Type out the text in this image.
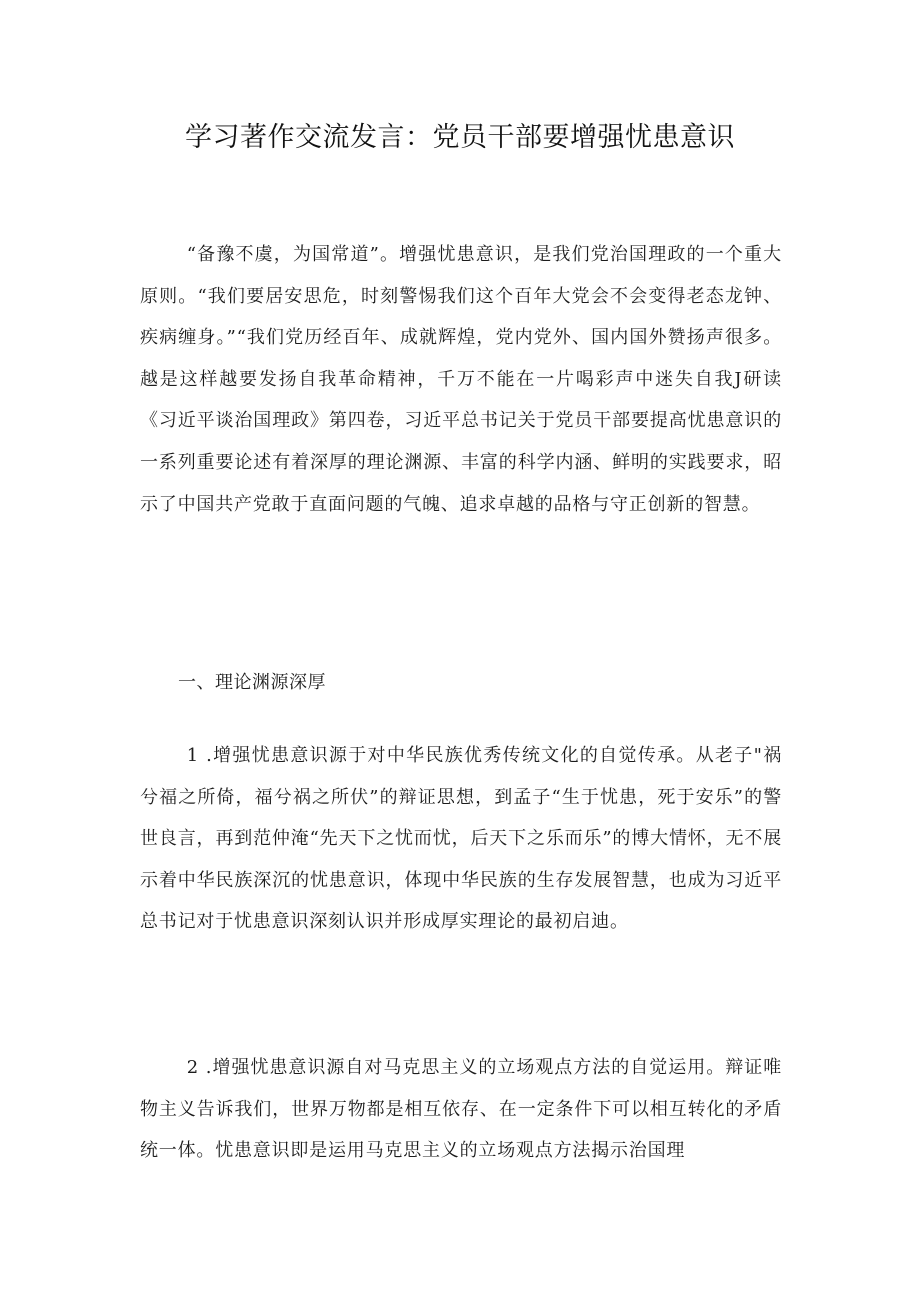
学习著作交流发言：党员干部要增强忧患意识

“备豫不虞，为国常道”。增强忧患意识，是我们党治国理政的一个重大原则。“我们要居安思危，时刻警惕我们这个百年大党会不会变得老态龙钟、疾病缠身。”“我们党历经百年、成就辉煌，党内党外、国内国外赞扬声很多。越是这样越要发扬自我革命精神，千万不能在一片喝彩声中迷失自我J研读《习近平谈治国理政》第四卷，习近平总书记关于党员干部要提高忧患意识的一系列重要论述有着深厚的理论渊源、丰富的科学内涵、鲜明的实践要求，昭示了中国共产党敢于直面问题的气魄、追求卓越的品格与守正创新的智慧。

一、理论渊源深厚

1 .增强忧患意识源于对中华民族优秀传统文化的自觉传承。从老子"祸兮福之所倚，福兮祸之所伏”的辩证思想，到孟子“生于忧患，死于安乐”的警世良言，再到范仲淹“先天下之忧而忧，后天下之乐而乐”的博大情怀，无不展示着中华民族深沉的忧患意识，体现中华民族的生存发展智慧，也成为习近平总书记对于忧患意识深刻认识并形成厚实理论的最初启迪。

2 .增强忧患意识源自对马克思主义的立场观点方法的自觉运用。辩证唯物主义告诉我们，世界万物都是相互依存、在一定条件下可以相互转化的矛盾统一体。忧患意识即是运用马克思主义的立场观点方法揭示治国理
